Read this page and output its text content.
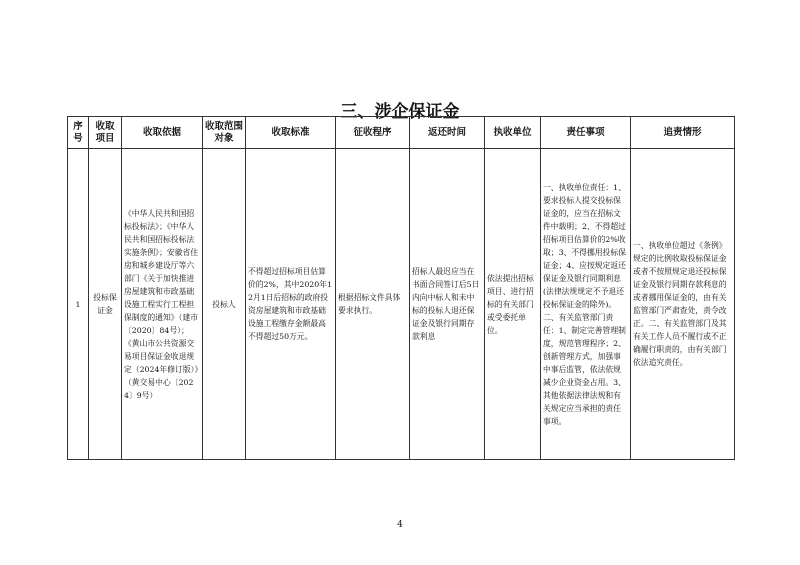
三、涉企保证金
序号	收取项目	收取依据	收取范围对象	收取标准	征收程序	返还时间	执收单位	责任事项	追责情形
1	投标保证金	《中华人民共和国招标投标法》；《中华人民共和国招标投标法实施条例》；安徽省住房和城乡建设厅等六部门《关于加快推进房屋建筑和市政基础设施工程实行工程担保制度的通知》（建市〔2020〕84号）；《黄山市公共资源交易项目保证金收退规定（2024年修订版）》（黄交易中心〔2024〕9号）	投标人	不得超过招标项目估算价的2%，其中2020年12月1日后招标的政府投资房屋建筑和市政基础设施工程缴存金额最高不得超过50万元。	根据招标文件具体要求执行。	招标人最迟应当在书面合同签订后5日内向中标人和未中标的投标人退还保证金及银行同期存款利息	依法提出招标项目、进行招标的有关部门或受委托单位。	一、执收单位责任：1、要求投标人提交投标保证金的，应当在招标文件中载明；2、不得超过招标项目估算价的2%收取；3、不得挪用投标保证金；4、应按规定返还保证金及银行同期利息(法律法规规定不予退还投标保证金的除外)。二、有关监管部门责任：1、制定完善管理制度，规范管理程序；2、创新管理方式，加强事中事后监管，依法依规减少企业资金占用。3、其他依据法律法规和有关规定应当承担的责任事项。	一、执收单位超过《条例》规定的比例收取投标保证金或者不按照规定退还投标保证金及银行同期存款利息的或者挪用保证金的，由有关监管部门严肃查处，责令改正。二、有关监管部门及其有关工作人员不履行或不正确履行职责的，由有关部门依法追究责任。
4
